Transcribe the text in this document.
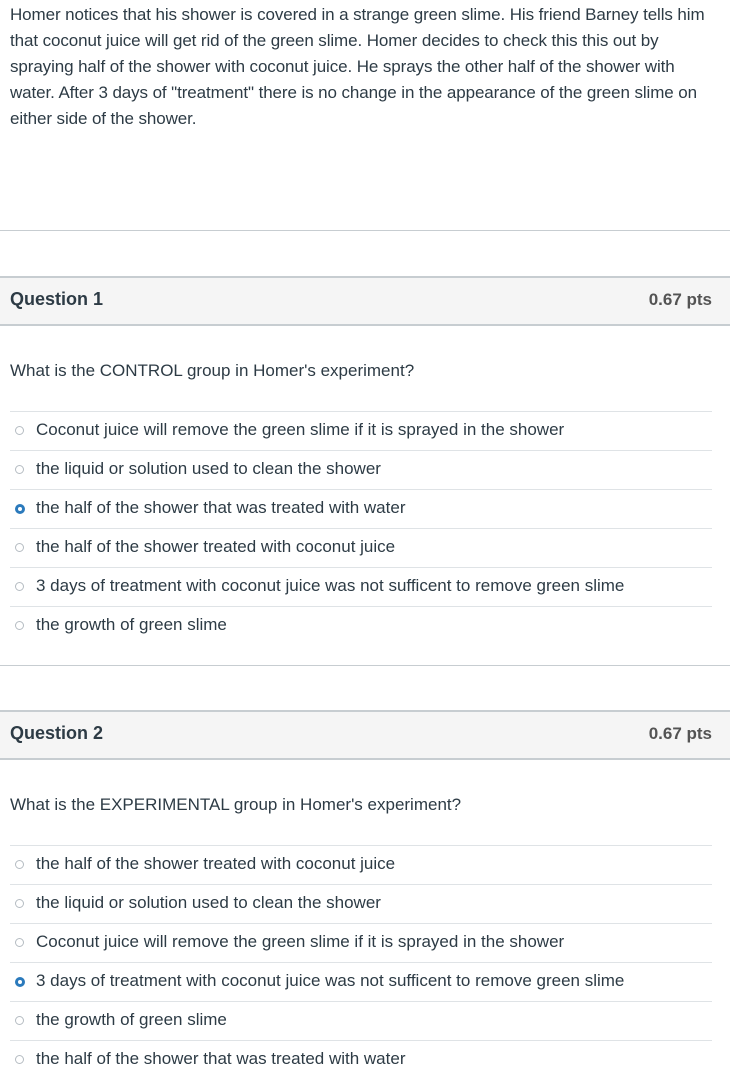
Homer notices that his shower is covered in a strange green slime. His friend Barney tells him that coconut juice will get rid of the green slime. Homer decides to check this this out by spraying half of the shower with coconut juice. He sprays the other half of the shower with water. After 3 days of "treatment" there is no change in the appearance of the green slime on either side of the shower.
Question 1	0.67 pts
What is the CONTROL group in Homer's experiment?
Coconut juice will remove the green slime if it is sprayed in the shower
the liquid or solution used to clean the shower
the half of the shower that was treated with water
the half of the shower treated with coconut juice
3 days of treatment with coconut juice was not sufficent to remove green slime
the growth of green slime
Question 2	0.67 pts
What is the EXPERIMENTAL group in Homer's experiment?
the half of the shower treated with coconut juice
the liquid or solution used to clean the shower
Coconut juice will remove the green slime if it is sprayed in the shower
3 days of treatment with coconut juice was not sufficent to remove green slime
the growth of green slime
the half of the shower that was treated with water
